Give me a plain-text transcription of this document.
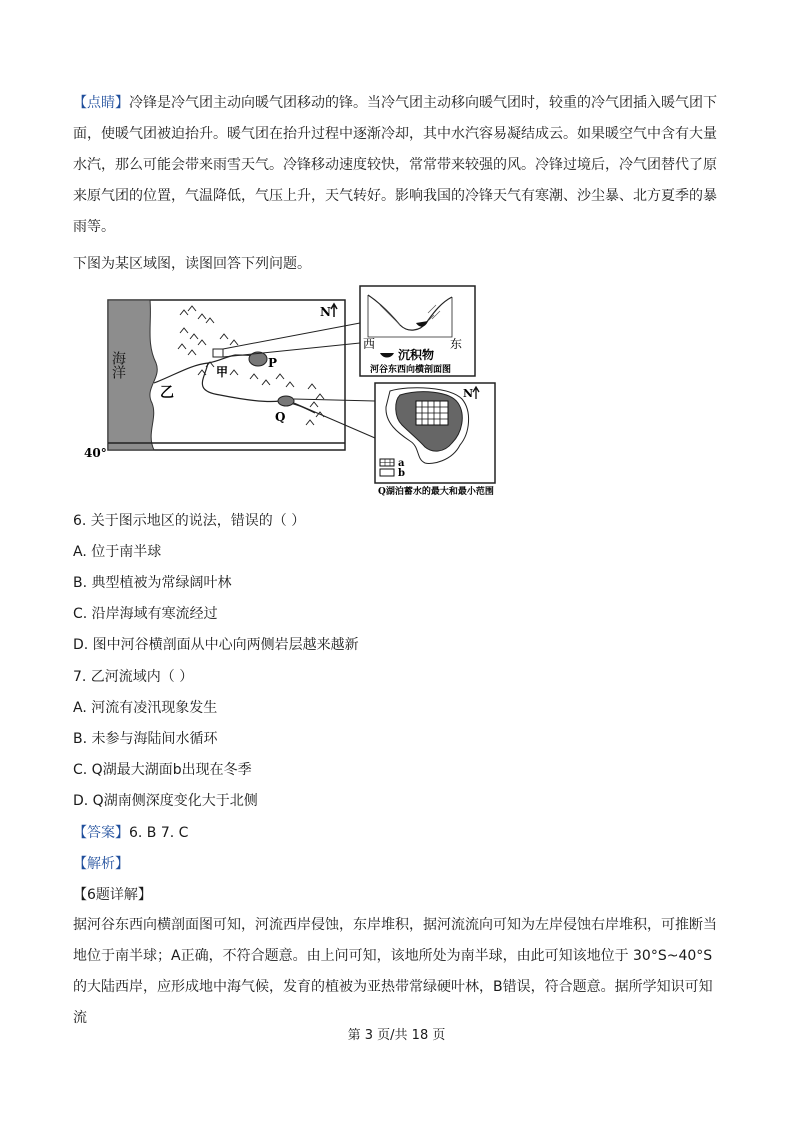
【点睛】冷锋是冷气团主动向暖气团移动的锋。当冷气团主动移向暖气团时，较重的冷气团插入暖气团下面，使暖气团被迫抬升。暖气团在抬升过程中逐渐冷却，其中水汽容易凝结成云。如果暖空气中含有大量水汽，那么可能会带来雨雪天气。冷锋移动速度较快，常常带来较强的风。冷锋过境后，冷气团替代了原来原气团的位置，气温降低，气压上升，天气转好。影响我国的冷锋天气有寒潮、沙尘暴、北方夏季的暴雨等。
下图为某区域图，读图回答下列问题。
海洋
40°
N
乙
P
Q
甲
西	东
沉积物
河谷东西向横剖面图
N
a
b
Q湖泊蓄水的最大和最小范围
6. 关于图示地区的说法，错误的（ ）
A. 位于南半球
B. 典型植被为常绿阔叶林
C. 沿岸海域有寒流经过
D. 图中河谷横剖面从中心向两侧岩层越来越新
7. 乙河流域内（ ）
A. 河流有凌汛现象发生
B. 未参与海陆间水循环
C. Q湖最大湖面b出现在冬季
D. Q湖南侧深度变化大于北侧
【答案】6. B 7. C
【解析】
【6题详解】
据河谷东西向横剖面图可知，河流西岸侵蚀，东岸堆积，据河流流向可知为左岸侵蚀右岸堆积，可推断当地位于南半球；A正确，不符合题意。由上问可知，该地所处为南半球，由此可知该地位于 30°S~40°S 的大陆西岸，应形成地中海气候，发育的植被为亚热带常绿硬叶林，B错误，符合题意。据所学知识可知流
第 3 页/共 18 页
